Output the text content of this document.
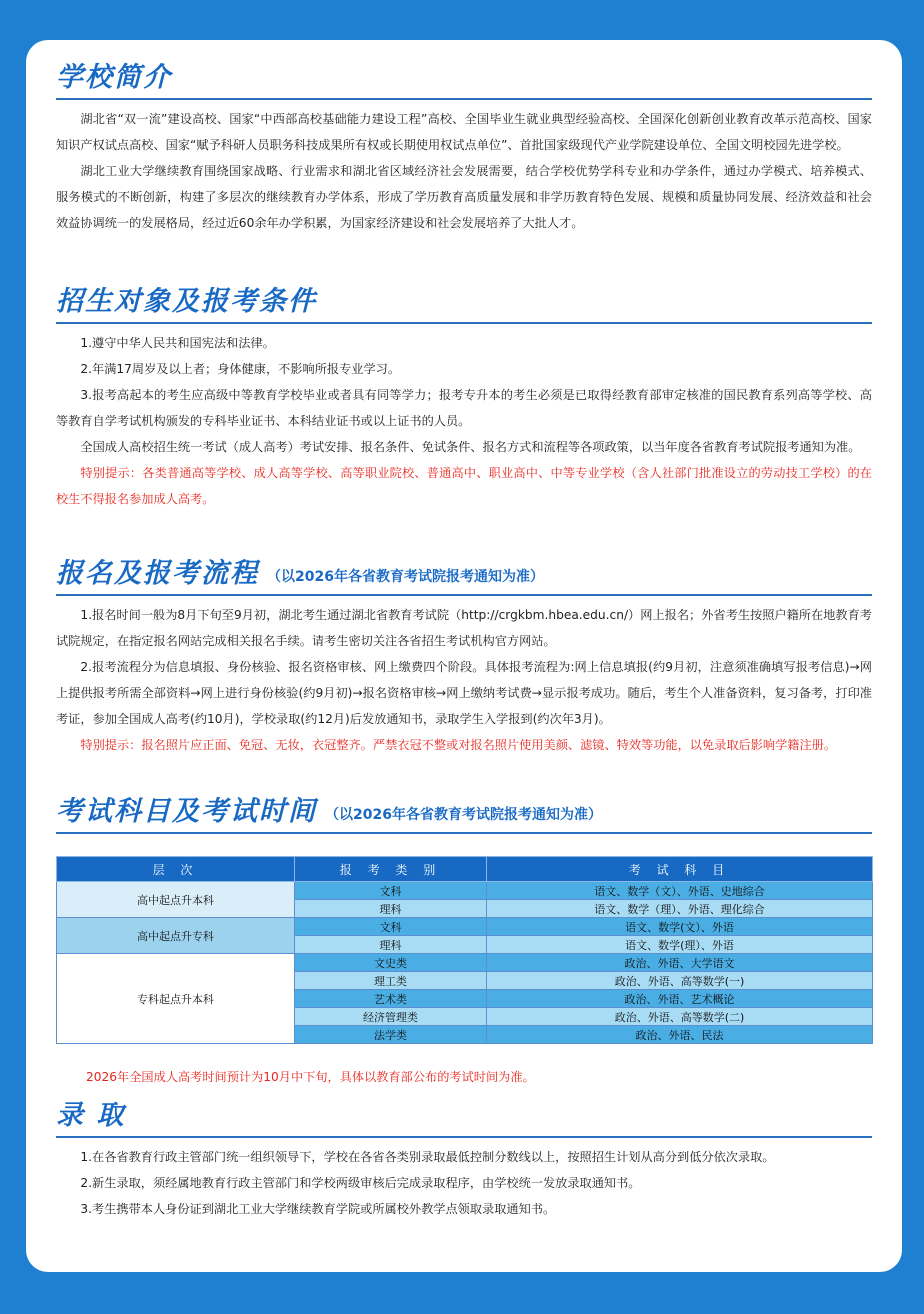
学校简介

湖北省“双一流”建设高校、国家“中西部高校基础能力建设工程”高校、全国毕业生就业典型经验高校、全国深化创新创业教育改革示范高校、国家知识产权试点高校、国家“赋予科研人员职务科技成果所有权或长期使用权试点单位”、首批国家级现代产业学院建设单位、全国文明校园先进学校。

湖北工业大学继续教育围绕国家战略、行业需求和湖北省区域经济社会发展需要，结合学校优势学科专业和办学条件，通过办学模式、培养模式、服务模式的不断创新，构建了多层次的继续教育办学体系，形成了学历教育高质量发展和非学历教育特色发展、规模和质量协同发展、经济效益和社会效益协调统一的发展格局，经过近60余年办学积累，为国家经济建设和社会发展培养了大批人才。

招生对象及报考条件

1.遵守中华人民共和国宪法和法律。

2.年满17周岁及以上者；身体健康，不影响所报专业学习。

3.报考高起本的考生应高级中等教育学校毕业或者具有同等学力；报考专升本的考生必须是已取得经教育部审定核准的国民教育系列高等学校、高等教育自学考试机构颁发的专科毕业证书、本科结业证书或以上证书的人员。

全国成人高校招生统一考试（成人高考）考试安排、报名条件、免试条件、报名方式和流程等各项政策，以当年度各省教育考试院报考通知为准。

特别提示：各类普通高等学校、成人高等学校、高等职业院校、普通高中、职业高中、中等专业学校（含人社部门批准设立的劳动技工学校）的在校生不得报名参加成人高考。

报名及报考流程 （以2026年各省教育考试院报考通知为准）

1.报名时间一般为8月下旬至9月初，湖北考生通过湖北省教育考试院（http://crgkbm.hbea.edu.cn/）网上报名；外省考生按照户籍所在地教育考试院规定，在指定报名网站完成相关报名手续。请考生密切关注各省招生考试机构官方网站。

2.报考流程分为信息填报、身份核验、报名资格审核、网上缴费四个阶段。具体报考流程为:网上信息填报(约9月初，注意须准确填写报考信息)→网上提供报考所需全部资料→网上进行身份核验(约9月初)→报名资格审核→网上缴纳考试费→显示报考成功。随后，考生个人准备资料，复习备考，打印准考证，参加全国成人高考(约10月)，学校录取(约12月)后发放通知书，录取学生入学报到(约次年3月)。

特别提示：报名照片应正面、免冠、无妆，衣冠整齐。严禁衣冠不整或对报名照片使用美颜、滤镜、特效等功能，以免录取后影响学籍注册。

考试科目及考试时间 （以2026年各省教育考试院报考通知为准）
层 次	报 考 类 别	考 试 科 目
高中起点升本科	文科	语文、数学（文）、外语、史地综合
	理科	语文、数学（理）、外语、理化综合
高中起点升专科	文科	语文、数学(文）、外语
	理科	语文、数学(理）、外语
专科起点升本科	文史类	政治、外语、大学语文
	理工类	政治、外语、高等数学(一)
	艺术类	政治、外语、艺术概论
	经济管理类	政治、外语、高等数学(二)
	法学类	政治、外语、民法
2026年全国成人高考时间预计为10月中下旬，具体以教育部公布的考试时间为准。
录 取

1.在各省教育行政主管部门统一组织领导下，学校在各省各类别录取最低控制分数线以上，按照招生计划从高分到低分依次录取。

2.新生录取，须经属地教育行政主管部门和学校两级审核后完成录取程序，由学校统一发放录取通知书。

3.考生携带本人身份证到湖北工业大学继续教育学院或所属校外教学点领取录取通知书。
